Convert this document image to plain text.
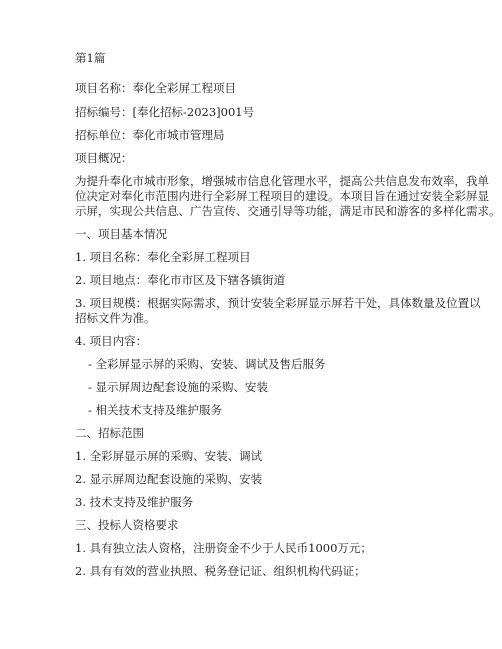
第1篇
项目名称：奉化全彩屏工程项目
招标编号：[奉化招标-2023]001号
招标单位：奉化市城市管理局
项目概况：
为提升奉化市城市形象，增强城市信息化管理水平，提高公共信息发布效率，我单
位决定对奉化市范围内进行全彩屏工程项目的建设。本项目旨在通过安装全彩屏显
示屏，实现公共信息、广告宣传、交通引导等功能，满足市民和游客的多样化需求。
一、项目基本情况
1. 项目名称：奉化全彩屏工程项目
2. 项目地点：奉化市市区及下辖各镇街道
3. 项目规模：根据实际需求，预计安装全彩屏显示屏若干处，具体数量及位置以
招标文件为准。
4. 项目内容：
- 全彩屏显示屏的采购、安装、调试及售后服务
- 显示屏周边配套设施的采购、安装
- 相关技术支持及维护服务
二、招标范围
1. 全彩屏显示屏的采购、安装、调试
2. 显示屏周边配套设施的采购、安装
3. 技术支持及维护服务
三、投标人资格要求
1. 具有独立法人资格，注册资金不少于人民币1000万元；
2. 具有有效的营业执照、税务登记证、组织机构代码证；
